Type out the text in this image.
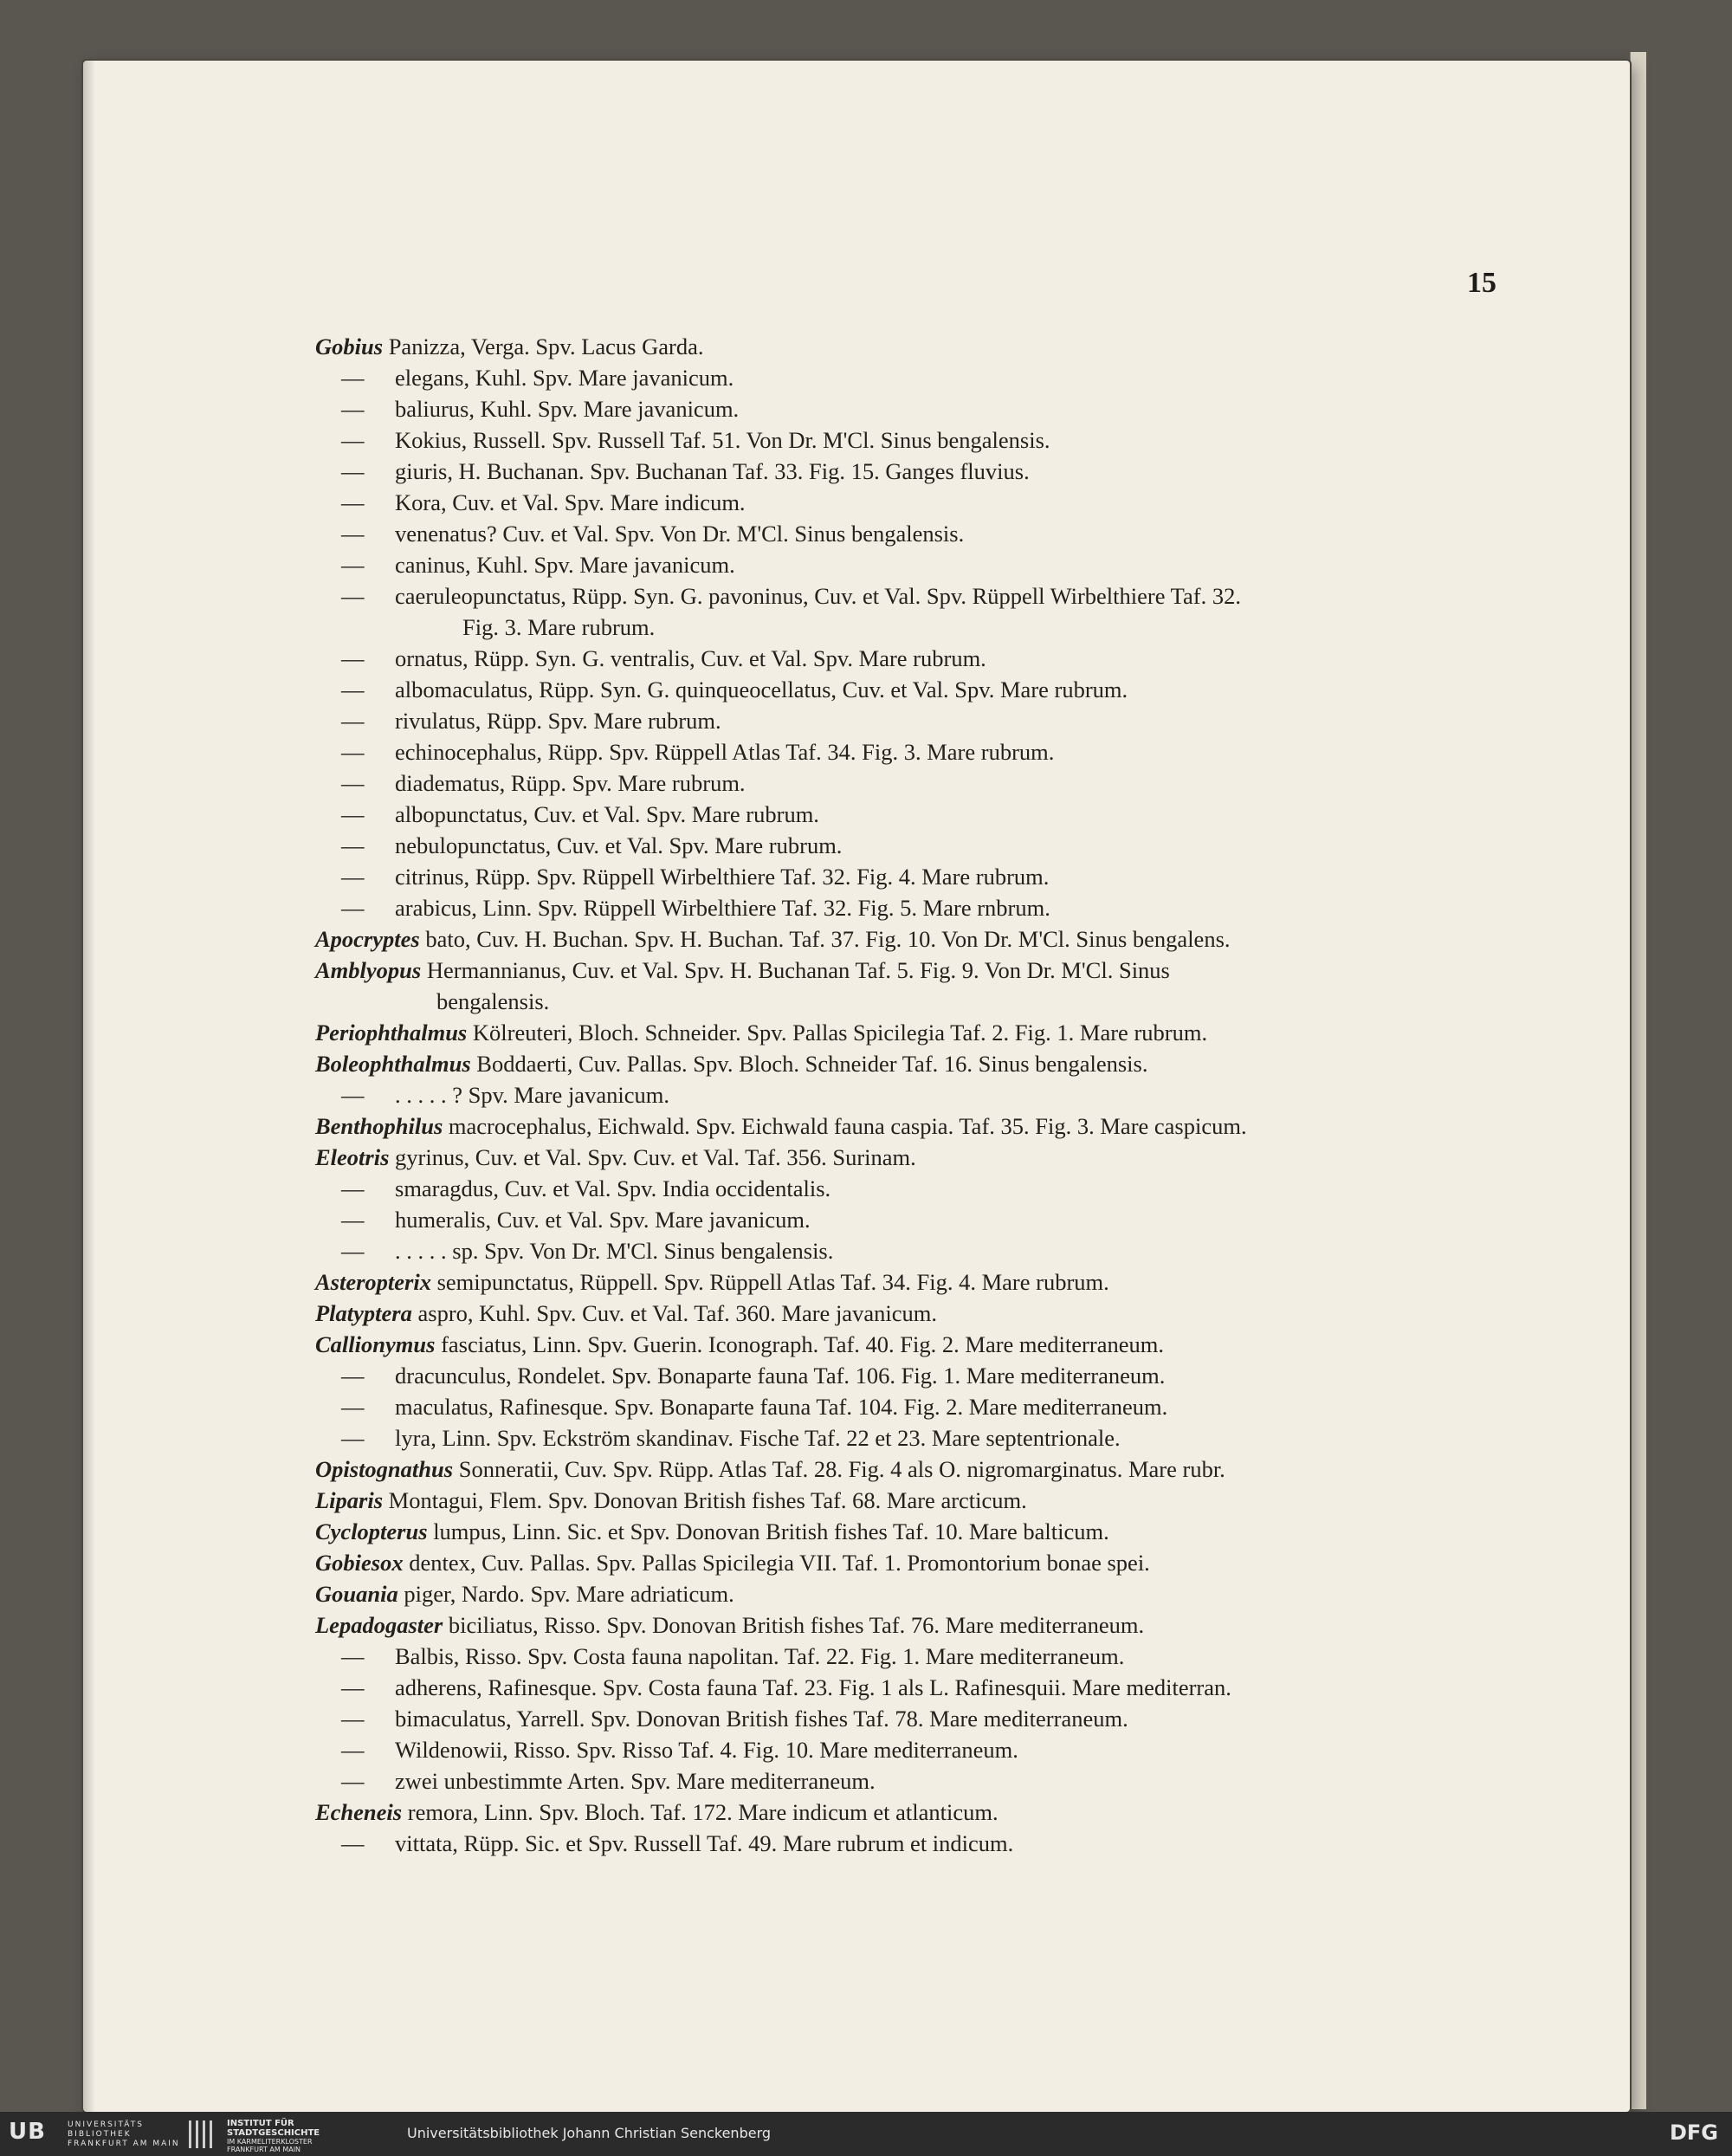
15
Gobius Panizza, Verga. Spv. Lacus Garda.
— elegans, Kuhl. Spv. Mare javanicum.
— baliurus, Kuhl. Spv. Mare javanicum.
— Kokius, Russell. Spv. Russell Taf. 51. Von Dr. M'Cl. Sinus bengalensis.
— giuris, H. Buchanan. Spv. Buchanan Taf. 33. Fig. 15. Ganges fluvius.
— Kora, Cuv. et Val. Spv. Mare indicum.
— venenatus? Cuv. et Val. Spv. Von Dr. M'Cl. Sinus bengalensis.
— caninus, Kuhl. Spv. Mare javanicum.
— caeruleopunctatus, Rüpp. Syn. G. pavoninus, Cuv. et Val. Spv. Rüppell Wirbelthiere Taf. 32.
Fig. 3. Mare rubrum.
— ornatus, Rüpp. Syn. G. ventralis, Cuv. et Val. Spv. Mare rubrum.
— albomaculatus, Rüpp. Syn. G. quinqueocellatus, Cuv. et Val. Spv. Mare rubrum.
— rivulatus, Rüpp. Spv. Mare rubrum.
— echinocephalus, Rüpp. Spv. Rüppell Atlas Taf. 34. Fig. 3. Mare rubrum.
— diadematus, Rüpp. Spv. Mare rubrum.
— albopunctatus, Cuv. et Val. Spv. Mare rubrum.
— nebulopunctatus, Cuv. et Val. Spv. Mare rubrum.
— citrinus, Rüpp. Spv. Rüppell Wirbelthiere Taf. 32. Fig. 4. Mare rubrum.
— arabicus, Linn. Spv. Rüppell Wirbelthiere Taf. 32. Fig. 5. Mare rnbrum.
Apocryptes bato, Cuv. H. Buchan. Spv. H. Buchan. Taf. 37. Fig. 10. Von Dr. M'Cl. Sinus bengalens.
Amblyopus Hermannianus, Cuv. et Val. Spv. H. Buchanan Taf. 5. Fig. 9. Von Dr. M'Cl. Sinus
bengalensis.
Periophthalmus Kölreuteri, Bloch. Schneider. Spv. Pallas Spicilegia Taf. 2. Fig. 1. Mare rubrum.
Boleophthalmus Boddaerti, Cuv. Pallas. Spv. Bloch. Schneider Taf. 16. Sinus bengalensis.
— . . . . . ? Spv. Mare javanicum.
Benthophilus macrocephalus, Eichwald. Spv. Eichwald fauna caspia. Taf. 35. Fig. 3. Mare caspicum.
Eleotris gyrinus, Cuv. et Val. Spv. Cuv. et Val. Taf. 356. Surinam.
— smaragdus, Cuv. et Val. Spv. India occidentalis.
— humeralis, Cuv. et Val. Spv. Mare javanicum.
— . . . . . sp. Spv. Von Dr. M'Cl. Sinus bengalensis.
Asteropterix semipunctatus, Rüppell. Spv. Rüppell Atlas Taf. 34. Fig. 4. Mare rubrum.
Platyptera aspro, Kuhl. Spv. Cuv. et Val. Taf. 360. Mare javanicum.
Callionymus fasciatus, Linn. Spv. Guerin. Iconograph. Taf. 40. Fig. 2. Mare mediterraneum.
— dracunculus, Rondelet. Spv. Bonaparte fauna Taf. 106. Fig. 1. Mare mediterraneum.
— maculatus, Rafinesque. Spv. Bonaparte fauna Taf. 104. Fig. 2. Mare mediterraneum.
— lyra, Linn. Spv. Eckström skandinav. Fische Taf. 22 et 23. Mare septentrionale.
Opistognathus Sonneratii, Cuv. Spv. Rüpp. Atlas Taf. 28. Fig. 4 als O. nigromarginatus. Mare rubr.
Liparis Montagui, Flem. Spv. Donovan British fishes Taf. 68. Mare arcticum.
Cyclopterus lumpus, Linn. Sic. et Spv. Donovan British fishes Taf. 10. Mare balticum.
Gobiesox dentex, Cuv. Pallas. Spv. Pallas Spicilegia VII. Taf. 1. Promontorium bonae spei.
Gouania piger, Nardo. Spv. Mare adriaticum.
Lepadogaster biciliatus, Risso. Spv. Donovan British fishes Taf. 76. Mare mediterraneum.
— Balbis, Risso. Spv. Costa fauna napolitan. Taf. 22. Fig. 1. Mare mediterraneum.
— adherens, Rafinesque. Spv. Costa fauna Taf. 23. Fig. 1 als L. Rafinesquii. Mare mediterran.
— bimaculatus, Yarrell. Spv. Donovan British fishes Taf. 78. Mare mediterraneum.
— Wildenowii, Risso. Spv. Risso Taf. 4. Fig. 10. Mare mediterraneum.
— zwei unbestimmte Arten. Spv. Mare mediterraneum.
Echeneis remora, Linn. Spv. Bloch. Taf. 172. Mare indicum et atlanticum.
— vittata, Rüpp. Sic. et Spv. Russell Taf. 49. Mare rubrum et indicum.
UB	UNIVERSITÄTS
BIBLIOTHEK
FRANKFURT AM MAIN
INSTITUT FÜR
STADTGESCHICHTE
IM KARMELITERKLOSTER
FRANKFURT AM MAIN
Universitätsbibliothek Johann Christian Senckenberg	DFG
